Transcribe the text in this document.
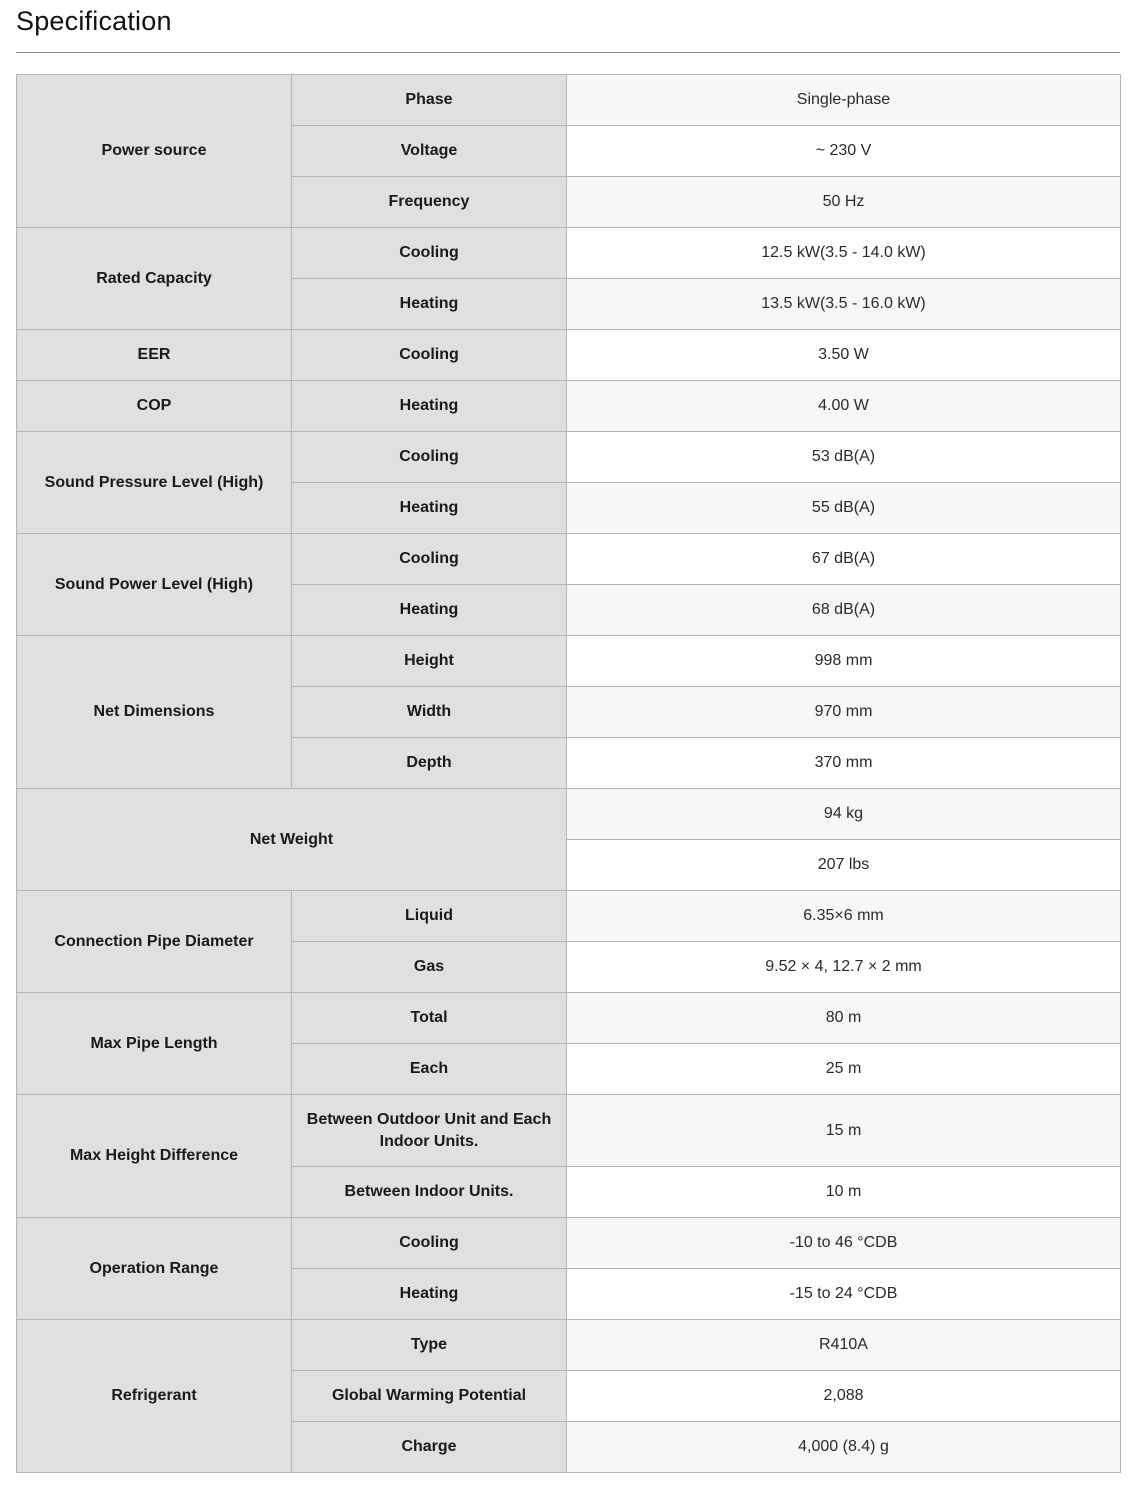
Specification
Power source	Phase	Single-phase
	Voltage	~ 230 V
	Frequency	50 Hz
Rated Capacity	Cooling	12.5 kW(3.5 - 14.0 kW)
	Heating	13.5 kW(3.5 - 16.0 kW)
EER	Cooling	3.50 W
COP	Heating	4.00 W
Sound Pressure Level (High)	Cooling	53 dB(A)
	Heating	55 dB(A)
Sound Power Level (High)	Cooling	67 dB(A)
	Heating	68 dB(A)
Net Dimensions	Height	998 mm
	Width	970 mm
	Depth	370 mm
Net Weight		94 kg
		207 lbs
Connection Pipe Diameter	Liquid	6.35×6 mm
	Gas	9.52 × 4, 12.7 × 2 mm
Max Pipe Length	Total	80 m
	Each	25 m
Max Height Difference	Between Outdoor Unit and Each Indoor Units.	15 m
	Between Indoor Units.	10 m
Operation Range	Cooling	-10 to 46 °CDB
	Heating	-15 to 24 °CDB
Refrigerant	Type	R410A
	Global Warming Potential	2,088
	Charge	4,000 (8.4) g
